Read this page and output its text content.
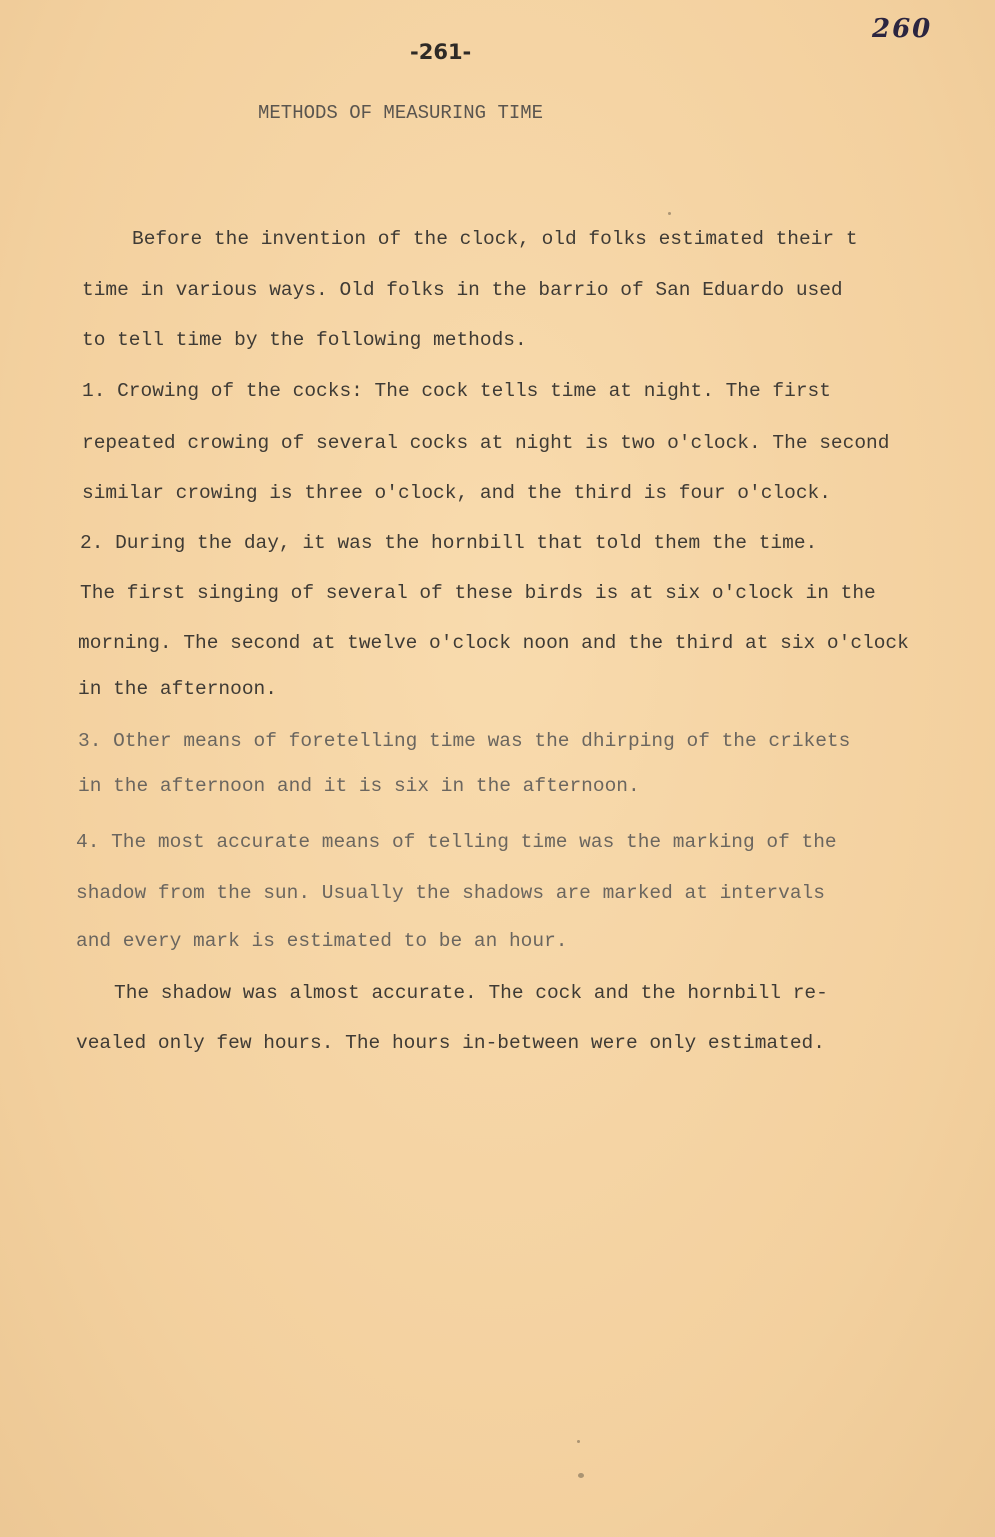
260
-261-
METHODS OF MEASURING TIME
Before the invention of the clock, old folks estimated their t
time in various ways. Old folks in the barrio of San Eduardo used
to tell time by the following methods.
1. Crowing of the cocks: The cock tells time at night. The first
repeated crowing of several cocks at night is two o'clock. The second
similar crowing is three o'clock, and the third is four o'clock.
2. During the day, it was the hornbill that told them the time.
The first singing of several of these birds is at six o'clock in the
morning. The second at twelve o'clock noon and the third at six o'clock
in the afternoon.
3. Other means of foretelling time was the dhirping of the crikets
in the afternoon and it is six in the afternoon.
4. The most accurate means of telling time was the marking of the
shadow from the sun. Usually the shadows are marked at intervals
and every mark is estimated to be an hour.
The shadow was almost accurate. The cock and the hornbill re-
vealed only few hours. The hours in-between were only estimated.
